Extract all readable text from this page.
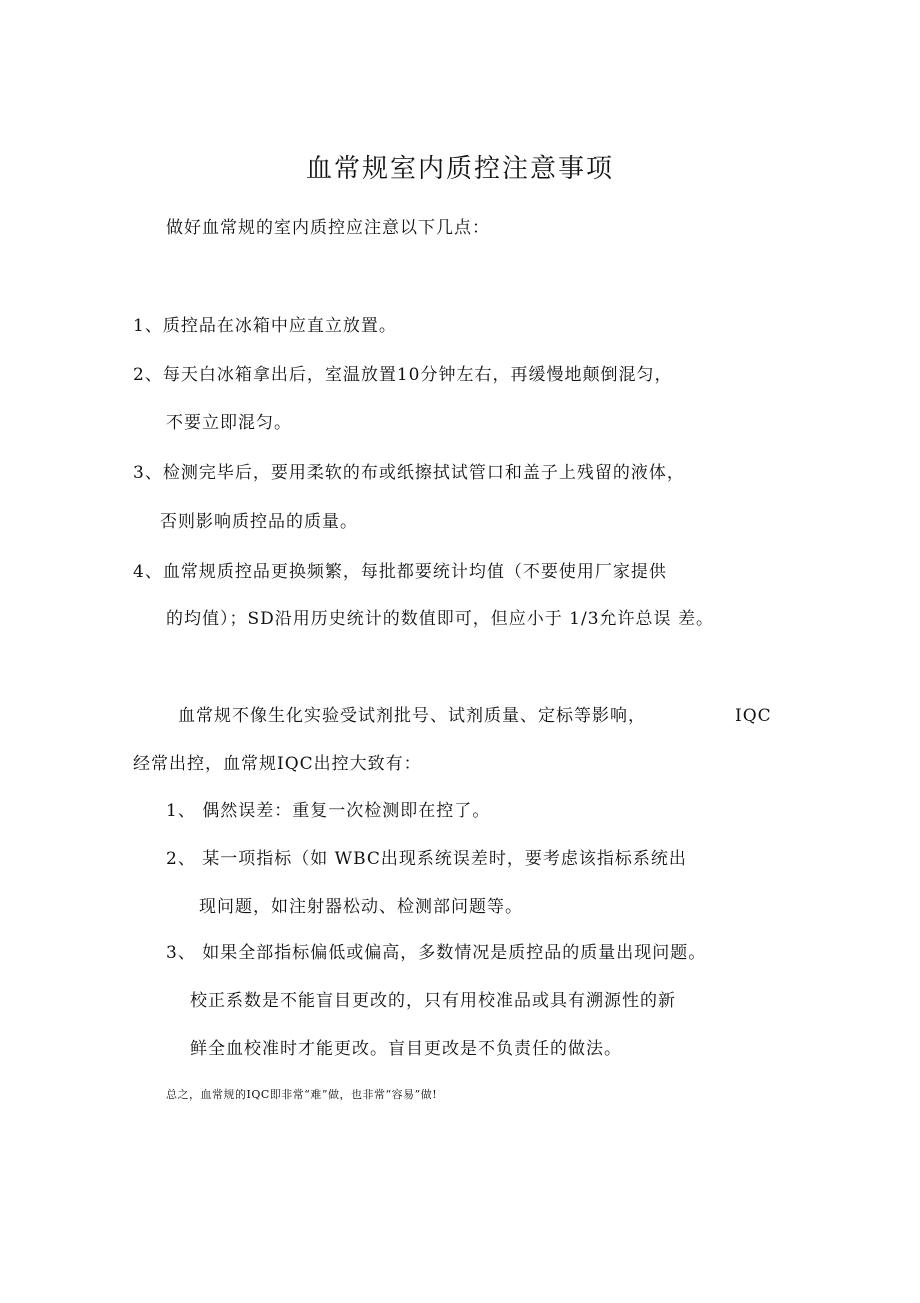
血常规室内质控注意事项
做好血常规的室内质控应注意以下几点：
1、质控品在冰箱中应直立放置。
2、每天白冰箱拿出后，室温放置10分钟左右，再缓慢地颠倒混匀，
不要立即混匀。
3、检测完毕后，要用柔软的布或纸擦拭试管口和盖子上残留的液体，
否则影响质控品的质量。
4、血常规质控品更换频繁，每批都要统计均值（不要使用厂家提供
的均值）；SD沿用历史统计的数值即可，但应小于 1/3允许总误 差。
血常规不像生化实验受试剂批号、试剂质量、定标等影响，	IQC
经常出控，血常规IQC出控大致有：
1、 偶然误差：重复一次检测即在控了。
2、 某一项指标（如 WBC出现系统误差时，要考虑该指标系统出
现问题，如注射器松动、检测部问题等。
3、 如果全部指标偏低或偏高，多数情况是质控品的质量出现问题。
校正系数是不能盲目更改的，只有用校准品或具有溯源性的新
鲜全血校准时才能更改。盲目更改是不负责任的做法。
总之，血常规的IQC即非常“难”做，也非常“容易”做!
